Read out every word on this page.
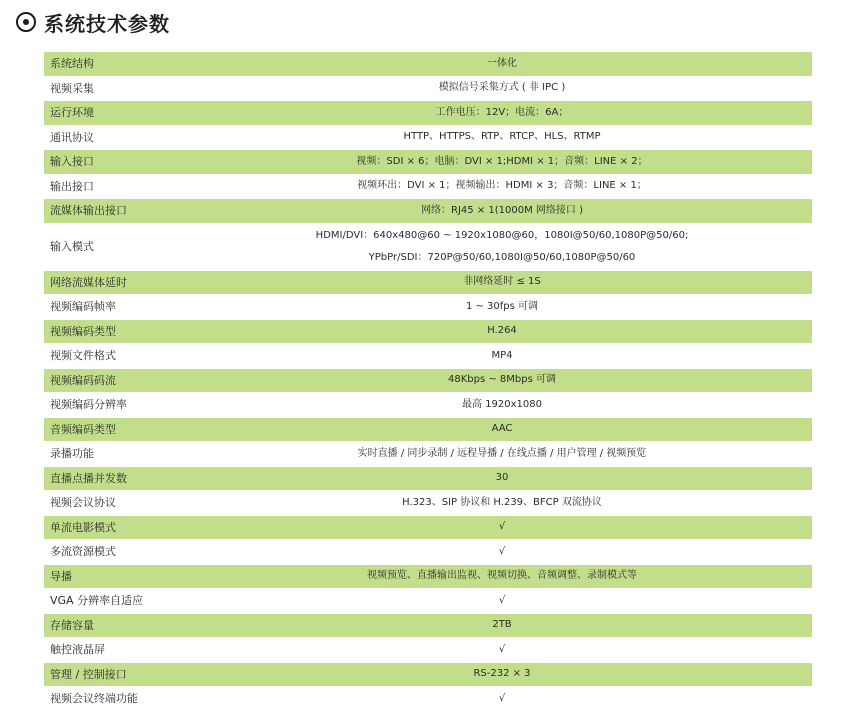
系统技术参数
系统结构	一体化
视频采集	模拟信号采集方式 ( 非 IPC )
运行环境	工作电压：12V；电流：6A；
通讯协议	HTTP、HTTPS、RTP、RTCP、HLS、RTMP
输入接口	视频：SDI × 6；电脑：DVI × 1;HDMI × 1；音频：LINE × 2；
输出接口	视频环出：DVI × 1；视频输出：HDMI × 3；音频：LINE × 1；
流媒体输出接口	网络：RJ45 × 1(1000M 网络接口 )
输入模式	HDMI/DVI：640x480@60 ~ 1920x1080@60，1080I@50/60,1080P@50/60;
YPbPr/SDI：720P@50/60,1080I@50/60,1080P@50/60

网络流媒体延时	非网络延时 ≤ 1S
视频编码帧率	1 ~ 30fps 可调
视频编码类型	H.264
视频文件格式	MP4
视频编码码流	48Kbps ~ 8Mbps 可调
视频编码分辨率	最高 1920x1080
音频编码类型	AAC
录播功能	实时直播 / 同步录制 / 远程导播 / 在线点播 / 用户管理 / 视频预览
直播点播并发数	30
视频会议协议	H.323、SIP 协议和 H.239、BFCP 双流协议
单流电影模式	√
多流资源模式	√
导播	视频预览、直播输出监视、视频切换、音频调整、录制模式等
VGA 分辨率自适应	√
存储容量	2TB
触控液晶屏	√
管理 / 控制接口	RS-232 × 3
视频会议终端功能	√
